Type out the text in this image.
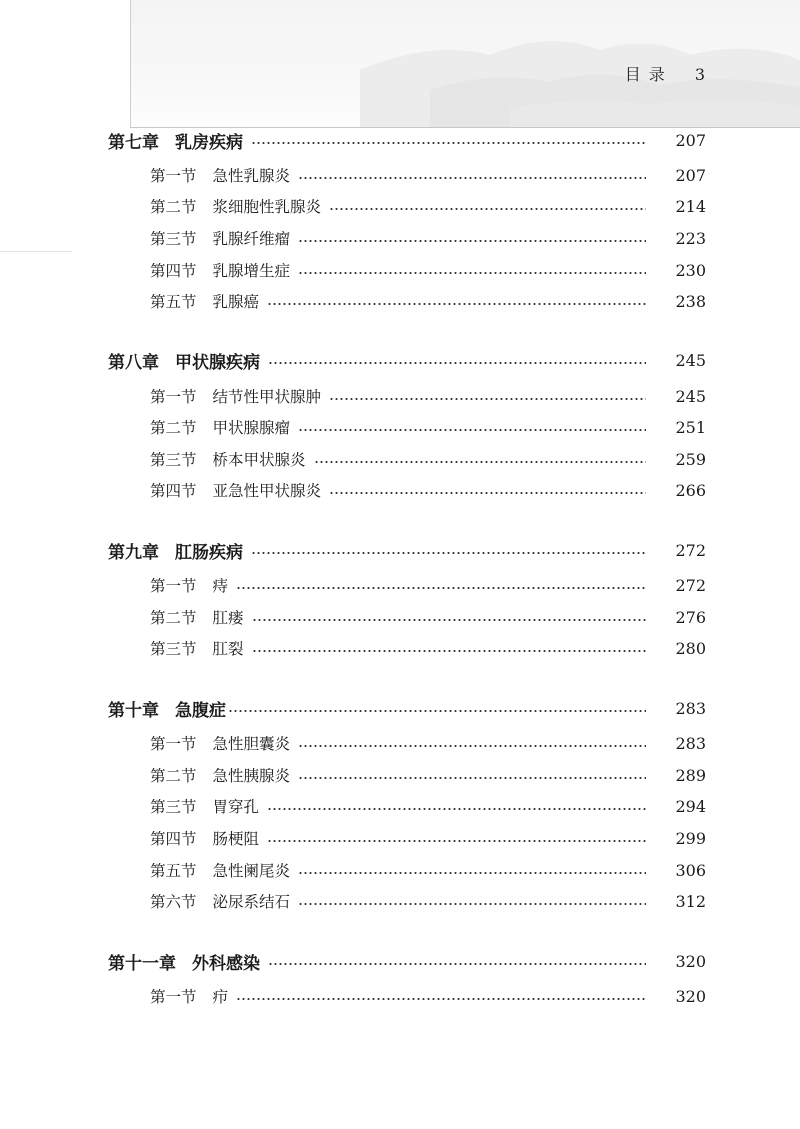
目录 3
第七章 乳房疾病	207
第一节 急性乳腺炎	207
第二节 浆细胞性乳腺炎	214
第三节 乳腺纤维瘤	223
第四节 乳腺增生症	230
第五节 乳腺癌	238
第八章 甲状腺疾病	245
第一节 结节性甲状腺肿	245
第二节 甲状腺腺瘤	251
第三节 桥本甲状腺炎	259
第四节 亚急性甲状腺炎	266
第九章 肛肠疾病	272
第一节 痔	272
第二节 肛瘘	276
第三节 肛裂	280
第十章 急腹症	283
第一节 急性胆囊炎	283
第二节 急性胰腺炎	289
第三节 胃穿孔	294
第四节 肠梗阻	299
第五节 急性阑尾炎	306
第六节 泌尿系结石	312
第十一章 外科感染	320
第一节 疖	320
